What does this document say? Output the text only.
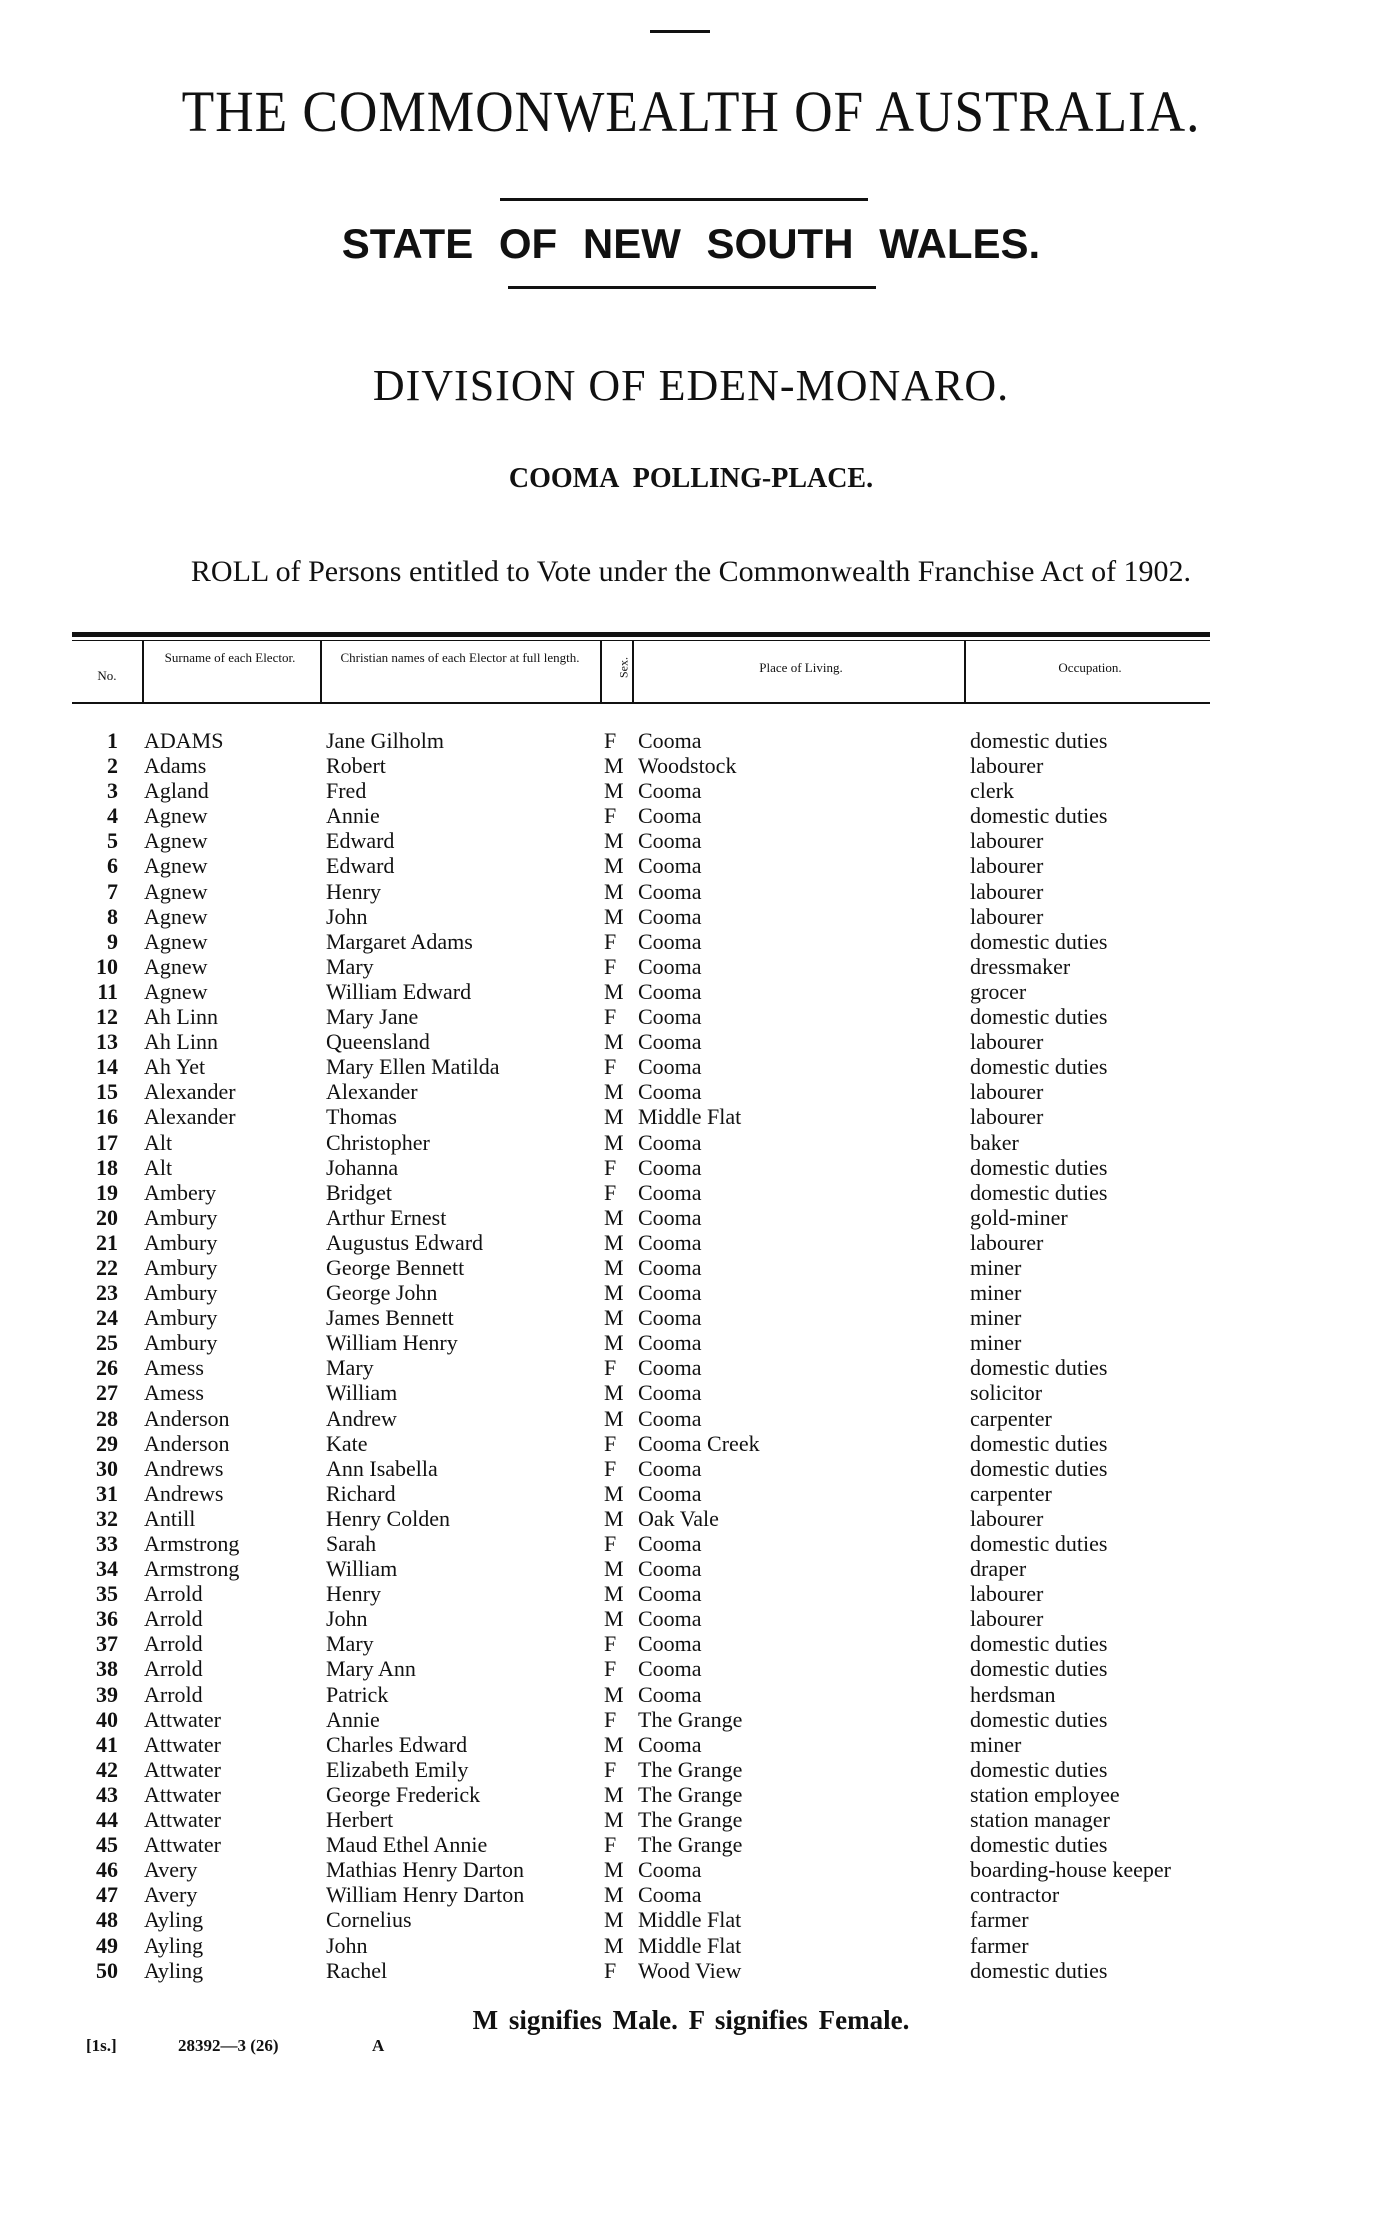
THE COMMONWEALTH OF AUSTRALIA.
STATE OF NEW SOUTH WALES.
DIVISION OF EDEN-MONARO.
COOMA POLLING-PLACE.
ROLL of Persons entitled to Vote under the Commonwealth Franchise Act of 1902.
No.
Surname of each Elector.	Christian names of each Elector at full length.	Sex.	Place of Living.	Occupation.
1 ADAMS	Jane Gilholm	F Cooma	domestic duties
2 Adams	Robert	M Woodstock	labourer
3 Agland	Fred	M Cooma	clerk
4 Agnew	Annie	F Cooma	domestic duties
5 Agnew	Edward	M Cooma	labourer
6 Agnew	Edward	M Cooma	labourer
7 Agnew	Henry	M Cooma	labourer
8 Agnew	John	M Cooma	labourer
9 Agnew	Margaret Adams	F Cooma	domestic duties
10 Agnew	Mary	F Cooma	dressmaker
11 Agnew	William Edward	M Cooma	grocer
12 Ah Linn	Mary Jane	F Cooma	domestic duties
13 Ah Linn	Queensland	M Cooma	labourer
14 Ah Yet	Mary Ellen Matilda	F Cooma	domestic duties
15 Alexander	Alexander	M Cooma	labourer
16 Alexander	Thomas	M Middle Flat	labourer
17 Alt	Christopher	M Cooma	baker
18 Alt	Johanna	F Cooma	domestic duties
19 Ambery	Bridget	F Cooma	domestic duties
20 Ambury	Arthur Ernest	M Cooma	gold-miner
21 Ambury	Augustus Edward	M Cooma	labourer
22 Ambury	George Bennett	M Cooma	miner
23 Ambury	George John	M Cooma	miner
24 Ambury	James Bennett	M Cooma	miner
25 Ambury	William Henry	M Cooma	miner
26 Amess	Mary	F Cooma	domestic duties
27 Amess	William	M Cooma	solicitor
28 Anderson	Andrew	M Cooma	carpenter
29 Anderson	Kate	F Cooma Creek	domestic duties
30 Andrews	Ann Isabella	F Cooma	domestic duties
31 Andrews	Richard	M Cooma	carpenter
32 Antill	Henry Colden	M Oak Vale	labourer
33 Armstrong	Sarah	F Cooma	domestic duties
34 Armstrong	William	M Cooma	draper
35 Arrold	Henry	M Cooma	labourer
36 Arrold	John	M Cooma	labourer
37 Arrold	Mary	F Cooma	domestic duties
38 Arrold	Mary Ann	F Cooma	domestic duties
39 Arrold	Patrick	M Cooma	herdsman
40 Attwater	Annie	F The Grange	domestic duties
41 Attwater	Charles Edward	M Cooma	miner
42 Attwater	Elizabeth Emily	F The Grange	domestic duties
43 Attwater	George Frederick	M The Grange	station employee
44 Attwater	Herbert	M The Grange	station manager
45 Attwater	Maud Ethel Annie	F The Grange	domestic duties
46 Avery	Mathias Henry Darton	M Cooma	boarding-house keeper
47 Avery	William Henry Darton	M Cooma	contractor
48 Ayling	Cornelius	M Middle Flat	farmer
49 Ayling	John	M Middle Flat	farmer
50 Ayling	Rachel	F Wood View	domestic duties
M signifies Male. F signifies Female.
[1s.]	28392—3 (26)	A
